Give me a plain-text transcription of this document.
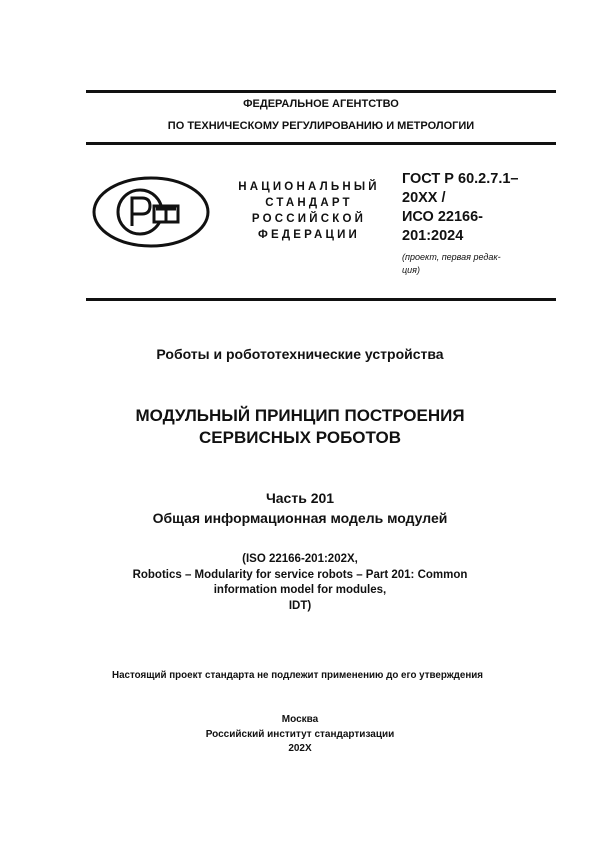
ФЕДЕРАЛЬНОЕ АГЕНТСТВО
ПО ТЕХНИЧЕСКОМУ РЕГУЛИРОВАНИЮ И МЕТРОЛОГИИ
НАЦИОНАЛЬНЫЙ
СТАНДАРТ
РОССИЙСКОЙ
ФЕДЕРАЦИИ
ГОСТ Р 60.2.7.1–
20XX /
ИСО 22166-
201:2024
(проект, первая редак-
ция)
Роботы и робототехнические устройства
МОДУЛЬНЫЙ ПРИНЦИП ПОСТРОЕНИЯ
СЕРВИСНЫХ РОБОТОВ
Часть 201
Общая информационная модель модулей
(ISO 22166-201:202X,
Robotics – Modularity for service robots – Part 201: Common
information model for modules,
IDT)
Настоящий проект стандарта не подлежит применению до его утверждения
Москва
Российский институт стандартизации
202X
